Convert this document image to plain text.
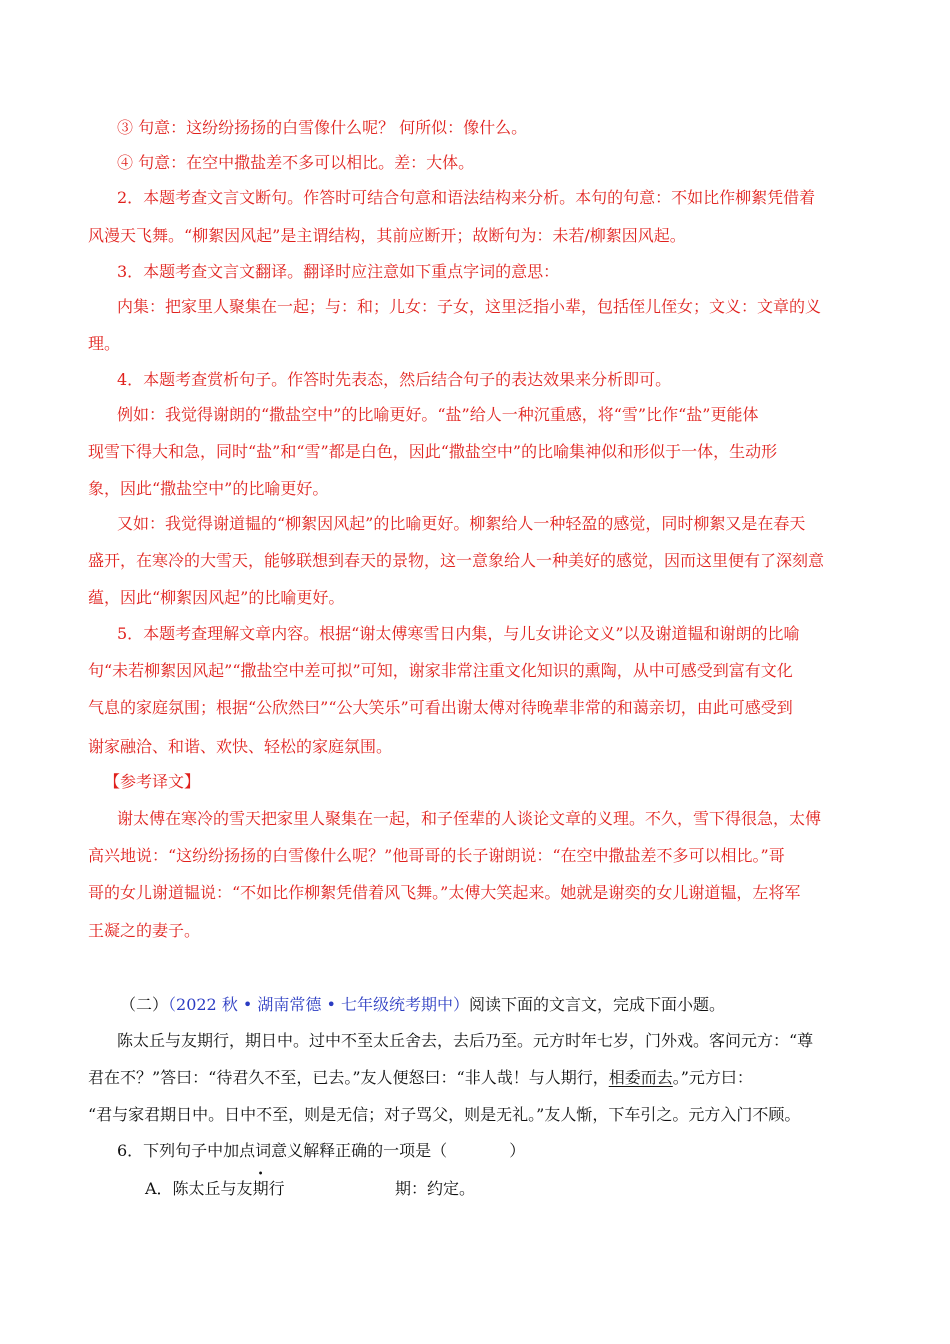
③ 句意：这纷纷扬扬的白雪像什么呢？ 何所似：像什么。
④ 句意：在空中撒盐差不多可以相比。差：大体。
2．本题考查文言文断句。作答时可结合句意和语法结构来分析。本句的句意：不如比作柳絮凭借着
风漫天飞舞。“柳絮因风起”是主谓结构，其前应断开；故断句为：未若/柳絮因风起。
3．本题考查文言文翻译。翻译时应注意如下重点字词的意思：
内集：把家里人聚集在一起；与：和；儿女：子女，这里泛指小辈，包括侄儿侄女；文义：文章的义
理。
4．本题考查赏析句子。作答时先表态，然后结合句子的表达效果来分析即可。
例如：我觉得谢朗的“撒盐空中”的比喻更好。“盐”给人一种沉重感，将“雪”比作“盐”更能体
现雪下得大和急，同时“盐”和“雪”都是白色，因此“撒盐空中”的比喻集神似和形似于一体，生动形
象，因此“撒盐空中”的比喻更好。
又如：我觉得谢道韫的“柳絮因风起”的比喻更好。柳絮给人一种轻盈的感觉，同时柳絮又是在春天
盛开，在寒冷的大雪天，能够联想到春天的景物，这一意象给人一种美好的感觉，因而这里便有了深刻意
蕴，因此“柳絮因风起”的比喻更好。
5．本题考查理解文章内容。根据“谢太傅寒雪日内集，与儿女讲论文义”以及谢道韫和谢朗的比喻
句“未若柳絮因风起”“撒盐空中差可拟”可知，谢家非常注重文化知识的熏陶，从中可感受到富有文化
气息的家庭氛围；根据“公欣然曰”“公大笑乐”可看出谢太傅对待晚辈非常的和蔼亲切，由此可感受到
谢家融洽、和谐、欢快、轻松的家庭氛围。
【参考译文】
谢太傅在寒冷的雪天把家里人聚集在一起，和子侄辈的人谈论文章的义理。不久，雪下得很急，太傅
高兴地说：“这纷纷扬扬的白雪像什么呢？”他哥哥的长子谢朗说：“在空中撒盐差不多可以相比。”哥
哥的女儿谢道韫说：“不如比作柳絮凭借着风飞舞。”太傅大笑起来。她就是谢奕的女儿谢道韫，左将军
王凝之的妻子。
（二）（2022 秋 • 湖南常德 • 七年级统考期中）阅读下面的文言文，完成下面小题。
陈太丘与友期行，期日中。过中不至太丘舍去，去后乃至。元方时年七岁，门外戏。客问元方：“尊
君在不？”答曰：“待君久不至，已去。”友人便怒曰：“非人哉！与人期行，相委而去。”元方曰：
“君与家君期日中。日中不至，则是无信；对子骂父，则是无礼。”友人惭，下车引之。元方入门不顾。
6．下列句子中加点词意义解释正确的一项是（	）
A．陈太丘与友
•
期行	期：约定。
